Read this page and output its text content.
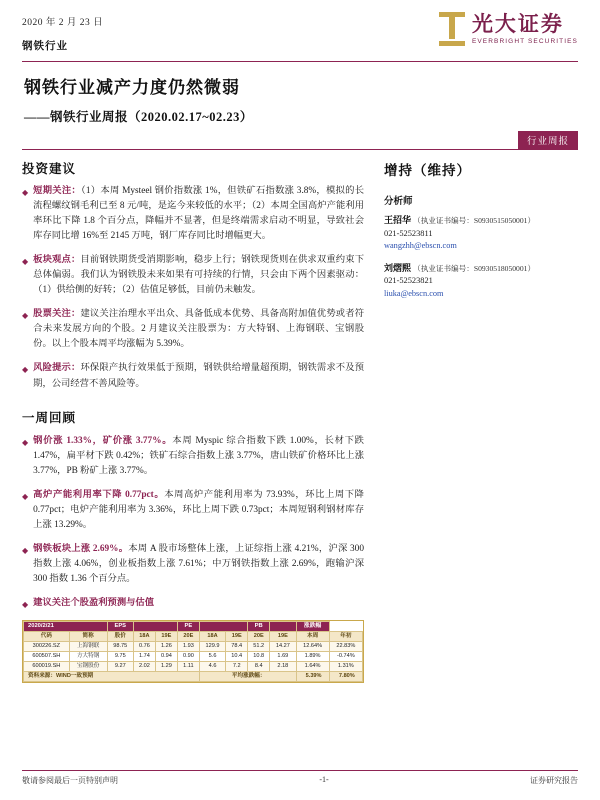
2020 年 2 月 23 日
钢铁行业
光大证券
EVERBRIGHT SECURITIES
钢铁行业减产力度仍然微弱
——钢铁行业周报（2020.02.17~02.23）
行业周报
投资建议
◆ 短期关注：（1）本周 Mysteel 钢价指数涨 1%，但铁矿石指数涨 3.8%，模拟的长流程螺纹钢毛利已至 8 元/吨，是迄今来较低的水平；（2）本周全国高炉产能利用率环比下降 1.8 个百分点，降幅并不显著，但是终端需求启动不明显，导致社会库存同比增 16%至 2145 万吨，钢厂库存同比时增幅更大。
◆ 板块观点：目前钢铁期货受消期影响，稳步上行；钢铁现货则在供求双重约束下总体偏弱。我们认为钢铁股未来如果有可持续的行情，只会由下两个因素驱动：（1）供给侧的好转；（2）估值足够低，目前仍未触发。
◆ 股票关注：建议关注治理水平出众、具备低成本优势、具备高附加值优势或者符合未来发展方向的个股。2 月建议关注股票为：方大特钢、上海钢联、宝钢股份。以上个股本周平均涨幅为 5.39%。
◆ 风险提示：环保限产执行效果低于预期，钢铁供给增量超预期，钢铁需求不及预期，公司经营不善风险等。
一周回顾
◆ 钢价涨 1.33%，矿价涨 3.77%。本周 Myspic 综合指数下跌 1.00%，长材下跌 1.47%，扁平材下跌 0.42%；铁矿石综合指数上涨 3.77%，唐山铁矿价格环比上涨 3.77%，PB 粉矿上涨 3.77%。
◆ 高炉产能利用率下降 0.77pct。本周高炉产能利用率为 73.93%，环比上周下降 0.77pct；电炉产能利用率为 3.36%，环比上周下跌 0.73pct；本周短钢利钢材库存上涨 13.29%。
◆ 钢铁板块上涨 2.69%。本周 A 股市场整体上涨，上证综指上涨 4.21%，沪深 300 指数上涨 4.06%，创业板指数上涨 7.61%；中万钢铁指数上涨 2.69%，跑输沪深 300 指数 1.36 个百分点。
◆ 建议关注个股盈利预测与估值
2020/2/21		EPS			PE			PB		涨跌幅	
代码	简称	股价	18A	19E	20E	18A	19E	20E	19E	本周	年初
300226.SZ	上海钢联	98.75	0.76	1.26	1.93	129.9	78.4	51.2	14.27	12.64%	22.83%
600507.SH	方大特钢	9.75	1.74	0.94	0.90	5.6	10.4	10.8	1.69	1.89%	-0.74%
600019.SH	宝钢股份	9.27	2.02	1.29	1.11	4.6	7.2	8.4	2.18	1.64%	1.31%
资料来源：WIND一致预期						平均涨跌幅：				5.39%	7.80%
增持（维持）
分析师
王招华 （执业证书编号：S0930515050001）
021-52523811
wangzhh@ebscn.com
刘熠熙 （执业证书编号：S0930518050001）
021-52523821
liuka@ebscn.com
敬请参阅最后一页特别声明	-1-	证券研究报告
